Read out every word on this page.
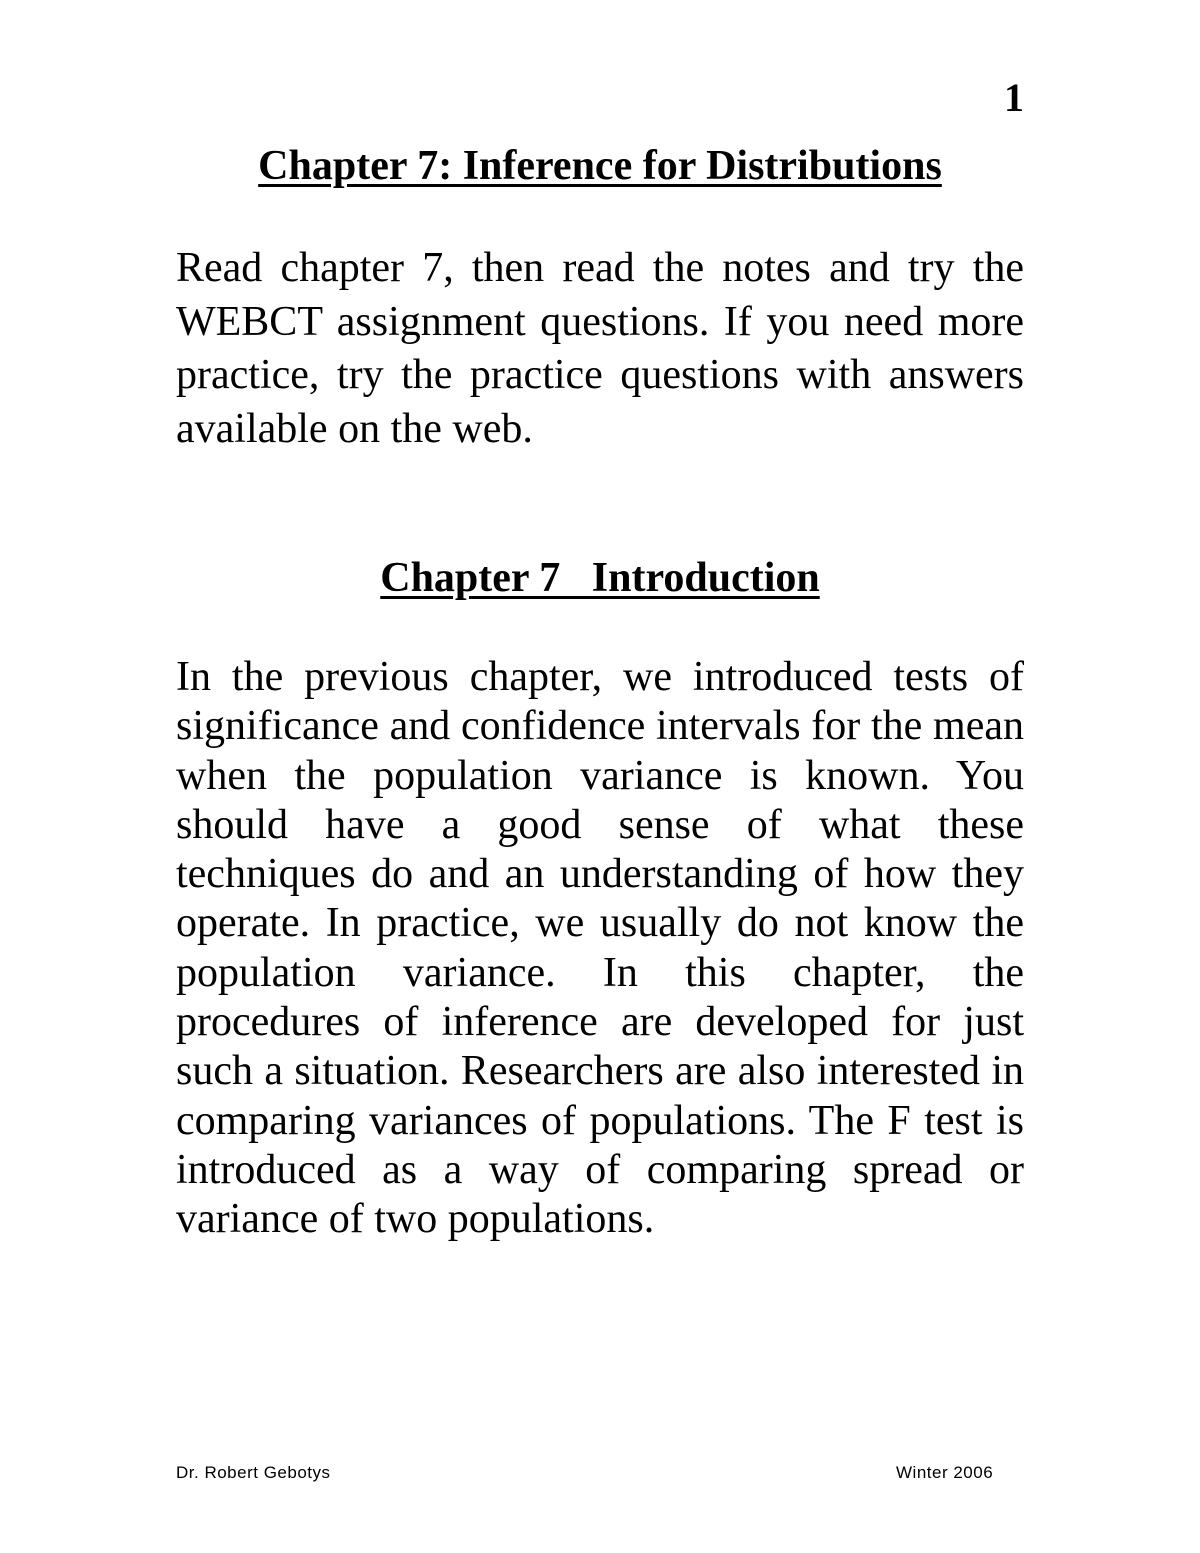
1
Chapter 7: Inference for Distributions
Read chapter 7, then read the notes and try the WEBCT assignment questions. If you need more practice, try the practice questions with answers available on the web.
Chapter 7   Introduction
In the previous chapter, we introduced tests of significance and confidence intervals for the mean when the population variance is known. You should have a good sense of what these techniques do and an understanding of how they operate. In practice, we usually do not know the population variance. In this chapter, the procedures of inference are developed for just such a situation. Researchers are also interested in comparing variances of populations. The F test is introduced as a way of comparing spread or variance of two populations.
Dr. Robert Gebotys	Winter 2006
